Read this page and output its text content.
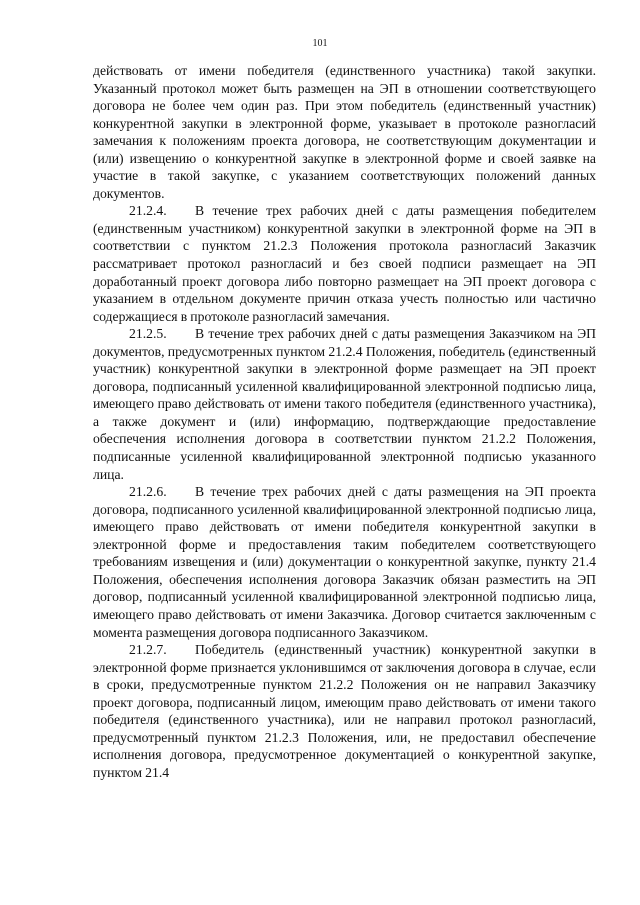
101

действовать от имени победителя (единственного участника) такой закупки. Указанный протокол может быть размещен на ЭП в отношении соответствующего договора не более чем один раз. При этом победитель (единственный участник) конкурентной закупки в электронной форме, указывает в протоколе разногласий замечания к положениям проекта договора, не соответствующим документации и (или) извещению о конкурентной закупке в электронной форме и своей заявке на участие в такой закупке, с указанием соответствующих положений данных документов.

21.2.4. В течение трех рабочих дней с даты размещения победителем (единственным участником) конкурентной закупки в электронной форме на ЭП в соответствии с пунктом 21.2.3 Положения протокола разногласий Заказчик рассматривает протокол разногласий и без своей подписи размещает на ЭП доработанный проект договора либо повторно размещает на ЭП проект договора с указанием в отдельном документе причин отказа учесть полностью или частично содержащиеся в протоколе разногласий замечания.

21.2.5. В течение трех рабочих дней с даты размещения Заказчиком на ЭП документов, предусмотренных пунктом 21.2.4 Положения, победитель (единственный участник) конкурентной закупки в электронной форме размещает на ЭП проект договора, подписанный усиленной квалифицированной электронной подписью лица, имеющего право действовать от имени такого победителя (единственного участника), а также документ и (или) информацию, подтверждающие предоставление обеспечения исполнения договора в соответствии пунктом 21.2.2 Положения, подписанные усиленной квалифицированной электронной подписью указанного лица.

21.2.6. В течение трех рабочих дней с даты размещения на ЭП проекта договора, подписанного усиленной квалифицированной электронной подписью лица, имеющего право действовать от имени победителя конкурентной закупки в электронной форме и предоставления таким победителем соответствующего требованиям извещения и (или) документации о конкурентной закупке, пункту 21.4 Положения, обеспечения исполнения договора Заказчик обязан разместить на ЭП договор, подписанный усиленной квалифицированной электронной подписью лица, имеющего право действовать от имени Заказчика. Договор считается заключенным с момента размещения договора подписанного Заказчиком.

21.2.7. Победитель (единственный участник) конкурентной закупки в электронной форме признается уклонившимся от заключения договора в случае, если в сроки, предусмотренные пунктом 21.2.2 Положения он не направил Заказчику проект договора, подписанный лицом, имеющим право действовать от имени такого победителя (единственного участника), или не направил протокол разногласий, предусмотренный пунктом 21.2.3 Положения, или, не предоставил обеспечение исполнения договора, предусмотренное документацией о конкурентной закупке, пунктом 21.4
